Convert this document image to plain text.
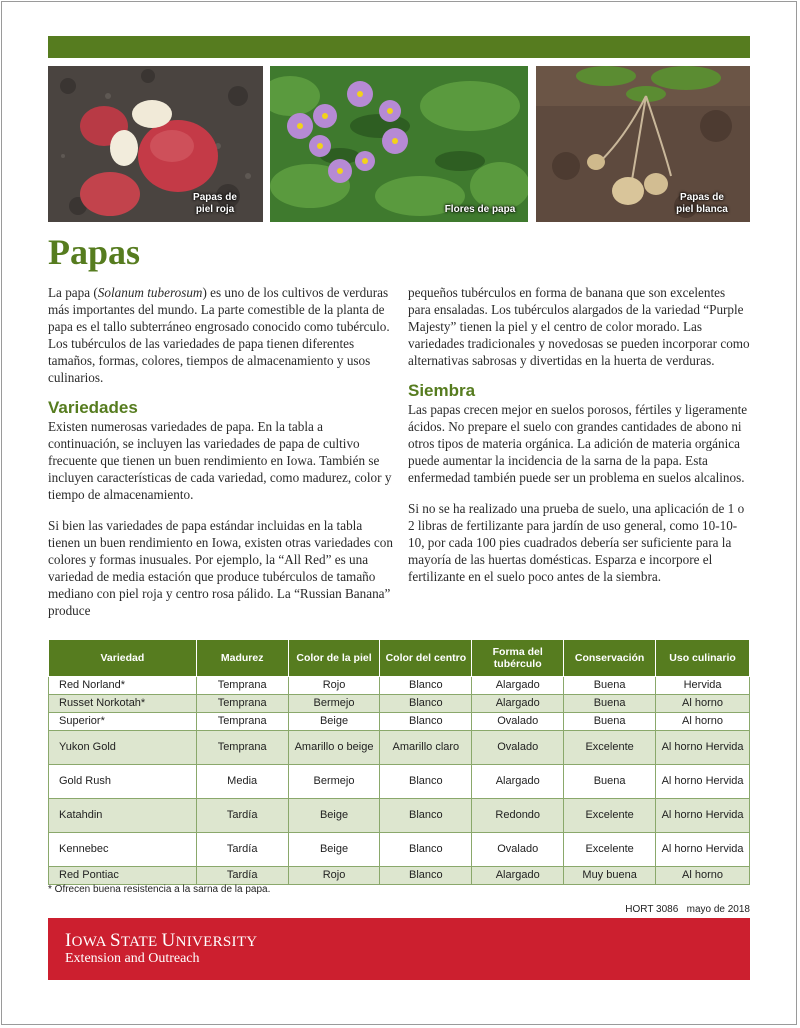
Papas de
piel roja	Flores de papa
Papas de
piel blanca
Papas

La papa (Solanum tuberosum) es uno de los cultivos de verduras más importantes del mundo. La parte comestible de la planta de papa es el tallo subterráneo engrosado conocido como tubérculo. Los tubérculos de las variedades de papa tienen diferentes tamaños, formas, colores, tiempos de almacenamiento y usos culinarios.

Variedades

Existen numerosas variedades de papa. En la tabla a continuación, se incluyen las variedades de papa de cultivo frecuente que tienen un buen rendimiento en Iowa. También se incluyen características de cada variedad, como madurez, color y tiempo de almacenamiento.

Si bien las variedades de papa estándar incluidas en la tabla tienen un buen rendimiento en Iowa, existen otras variedades con colores y formas inusuales. Por ejemplo, la “All Red” es una variedad de media estación que produce tubérculos de tamaño mediano con piel roja y centro rosa pálido. La “Russian Banana” produce

pequeños tubérculos en forma de banana que son excelentes para ensaladas. Los tubérculos alargados de la variedad “Purple Majesty” tienen la piel y el centro de color morado. Las variedades tradicionales y novedosas se pueden incorporar como alternativas sabrosas y divertidas en la huerta de verduras.

Siembra

Las papas crecen mejor en suelos porosos, fértiles y ligeramente ácidos. No prepare el suelo con grandes cantidades de abono ni otros tipos de materia orgánica. La adición de materia orgánica puede aumentar la incidencia de la sarna de la papa. Esta enfermedad también puede ser un problema en suelos alcalinos.

Si no se ha realizado una prueba de suelo, una aplicación de 1 o 2 libras de fertilizante para jardín de uso general, como 10-10-10, por cada 100 pies cuadrados debería ser suficiente para la mayoría de las huertas domésticas. Esparza e incorpore el fertilizante en el suelo poco antes de la siembra.

Variedad	Madurez	Color de la piel	Color del centro	Forma del tubérculo	Conservación	Uso culinario
Red Norland*	Temprana	Rojo	Blanco	Alargado	Buena	Hervida
Russet Norkotah*	Temprana	Bermejo	Blanco	Alargado	Buena	Al horno
Superior*	Temprana	Beige	Blanco	Ovalado	Buena	Al horno
Yukon Gold	Temprana	Amarillo o beige	Amarillo claro	Ovalado	Excelente	Al horno Hervida
Gold Rush	Media	Bermejo	Blanco	Alargado	Buena	Al horno Hervida
Katahdin	Tardía	Beige	Blanco	Redondo	Excelente	Al horno Hervida
Kennebec	Tardía	Beige	Blanco	Ovalado	Excelente	Al horno Hervida
Red Pontiac	Tardía	Rojo	Blanco	Alargado	Muy buena	Al horno
* Ofrecen buena resistencia a la sarna de la papa.
HORT 3086   mayo de 2018
IOWA STATE UNIVERSITY
Extension and Outreach
